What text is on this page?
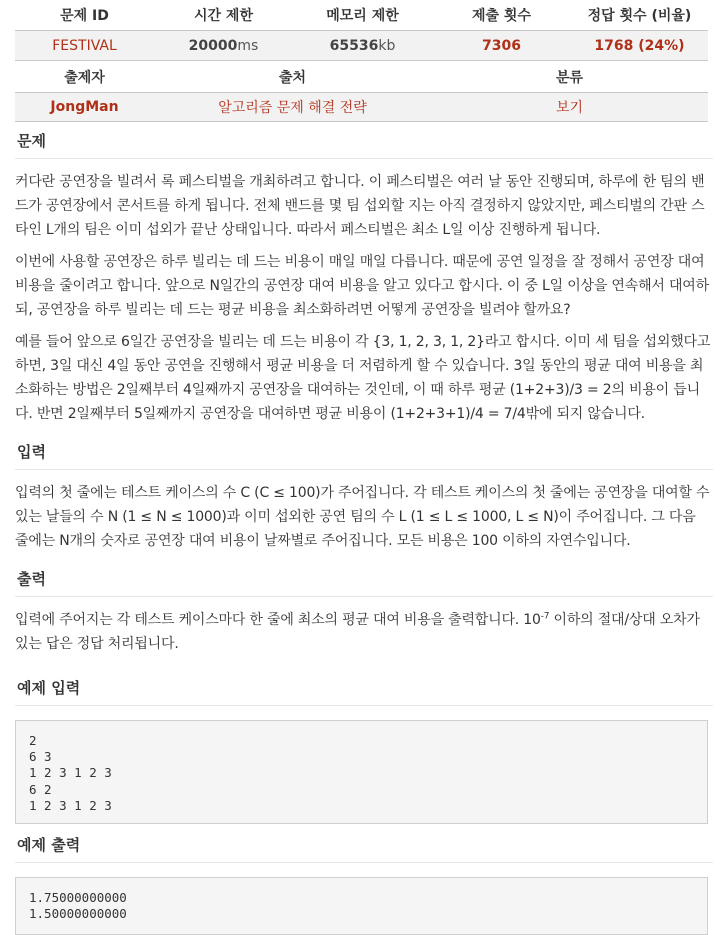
문제 ID	시간 제한	메모리 제한	제출 횟수	정답 횟수 (비율)
FESTIVAL	20000ms	65536kb	7306	1768 (24%)
출제자	출처	분류
JongMan	알고리즘 문제 해결 전략	보기
문제

커다란 공연장을 빌려서 록 페스티벌을 개최하려고 합니다. 이 페스티벌은 여러 날 동안 진행되며, 하루에 한 팀의 밴드가 공연장에서 콘서트를 하게 됩니다. 전체 밴드를 몇 팀 섭외할 지는 아직 결정하지 않았지만, 페스티벌의 간판 스타인 L개의 팀은 이미 섭외가 끝난 상태입니다. 따라서 페스티벌은 최소 L일 이상 진행하게 됩니다.

이번에 사용할 공연장은 하루 빌리는 데 드는 비용이 매일 매일 다릅니다. 때문에 공연 일정을 잘 정해서 공연장 대여 비용을 줄이려고 합니다. 앞으로 N일간의 공연장 대여 비용을 알고 있다고 합시다. 이 중 L일 이상을 연속해서 대여하되, 공연장을 하루 빌리는 데 드는 평균 비용을 최소화하려면 어떻게 공연장을 빌려야 할까요?

예를 들어 앞으로 6일간 공연장을 빌리는 데 드는 비용이 각 {3, 1, 2, 3, 1, 2}라고 합시다. 이미 세 팀을 섭외했다고 하면, 3일 대신 4일 동안 공연을 진행해서 평균 비용을 더 저렴하게 할 수 있습니다. 3일 동안의 평균 대여 비용을 최소화하는 방법은 2일째부터 4일째까지 공연장을 대여하는 것인데, 이 때 하루 평균 (1+2+3)/3 = 2의 비용이 듭니다. 반면 2일째부터 5일째까지 공연장을 대여하면 평균 비용이 (1+2+3+1)/4 = 7/4밖에 되지 않습니다.

입력

입력의 첫 줄에는 테스트 케이스의 수 C (C ≤ 100)가 주어집니다. 각 테스트 케이스의 첫 줄에는 공연장을 대여할 수 있는 날들의 수 N (1 ≤ N ≤ 1000)과 이미 섭외한 공연 팀의 수 L (1 ≤ L ≤ 1000, L ≤ N)이 주어집니다. 그 다음 줄에는 N개의 숫자로 공연장 대여 비용이 날짜별로 주어집니다. 모든 비용은 100 이하의 자연수입니다.

출력

입력에 주어지는 각 테스트 케이스마다 한 줄에 최소의 평균 대여 비용을 출력합니다. $10^{-7}$ 이하의 절대/상대 오차가 있는 답은 정답 처리됩니다.

예제 입력
2
6 3
1 2 3 1 2 3
6 2
1 2 3 1 2 3
예제 출력
1.75000000000
1.50000000000
